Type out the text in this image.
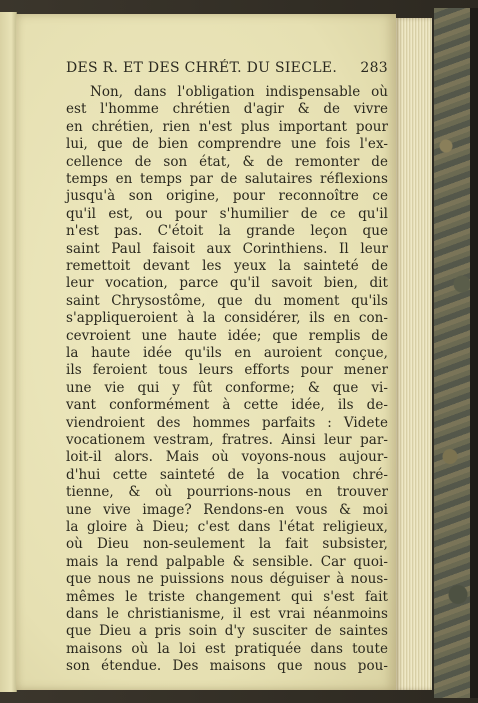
DES R. ET DES CHRÉT. DU SIECLE. 283
Non, dans l'obligation indispensable où
est l'homme chrétien d'agir & de vivre
en chrétien, rien n'est plus important pour
lui, que de bien comprendre une fois l'ex-
cellence de son état, & de remonter de
temps en temps par de salutaires réflexions
jusqu'à son origine, pour reconnoître ce
qu'il est, ou pour s'humilier de ce qu'il
n'est pas. C'étoit la grande leçon que
saint Paul faisoit aux Corinthiens. Il leur
remettoit devant les yeux la sainteté de
leur vocation, parce qu'il savoit bien, dit
saint Chrysostôme, que du moment qu'ils
s'appliqueroient à la considérer, ils en con-
cevroient une haute idée; que remplis de
la haute idée qu'ils en auroient conçue,
ils feroient tous leurs efforts pour mener
une vie qui y fût conforme; & que vi-
vant conformément à cette idée, ils de-
viendroient des hommes parfaits : Videte
vocationem vestram, fratres. Ainsi leur par-
loit-il alors. Mais où voyons-nous aujour-
d'hui cette sainteté de la vocation chré-
tienne, & où pourrions-nous en trouver
une vive image? Rendons-en vous & moi
la gloire à Dieu; c'est dans l'état religieux,
où Dieu non-seulement la fait subsister,
mais la rend palpable & sensible. Car quoi-
que nous ne puissions nous déguiser à nous-
mêmes le triste changement qui s'est fait
dans le christianisme, il est vrai néanmoins
que Dieu a pris soin d'y susciter de saintes
maisons où la loi est pratiquée dans toute
son étendue. Des maisons que nous pou-
